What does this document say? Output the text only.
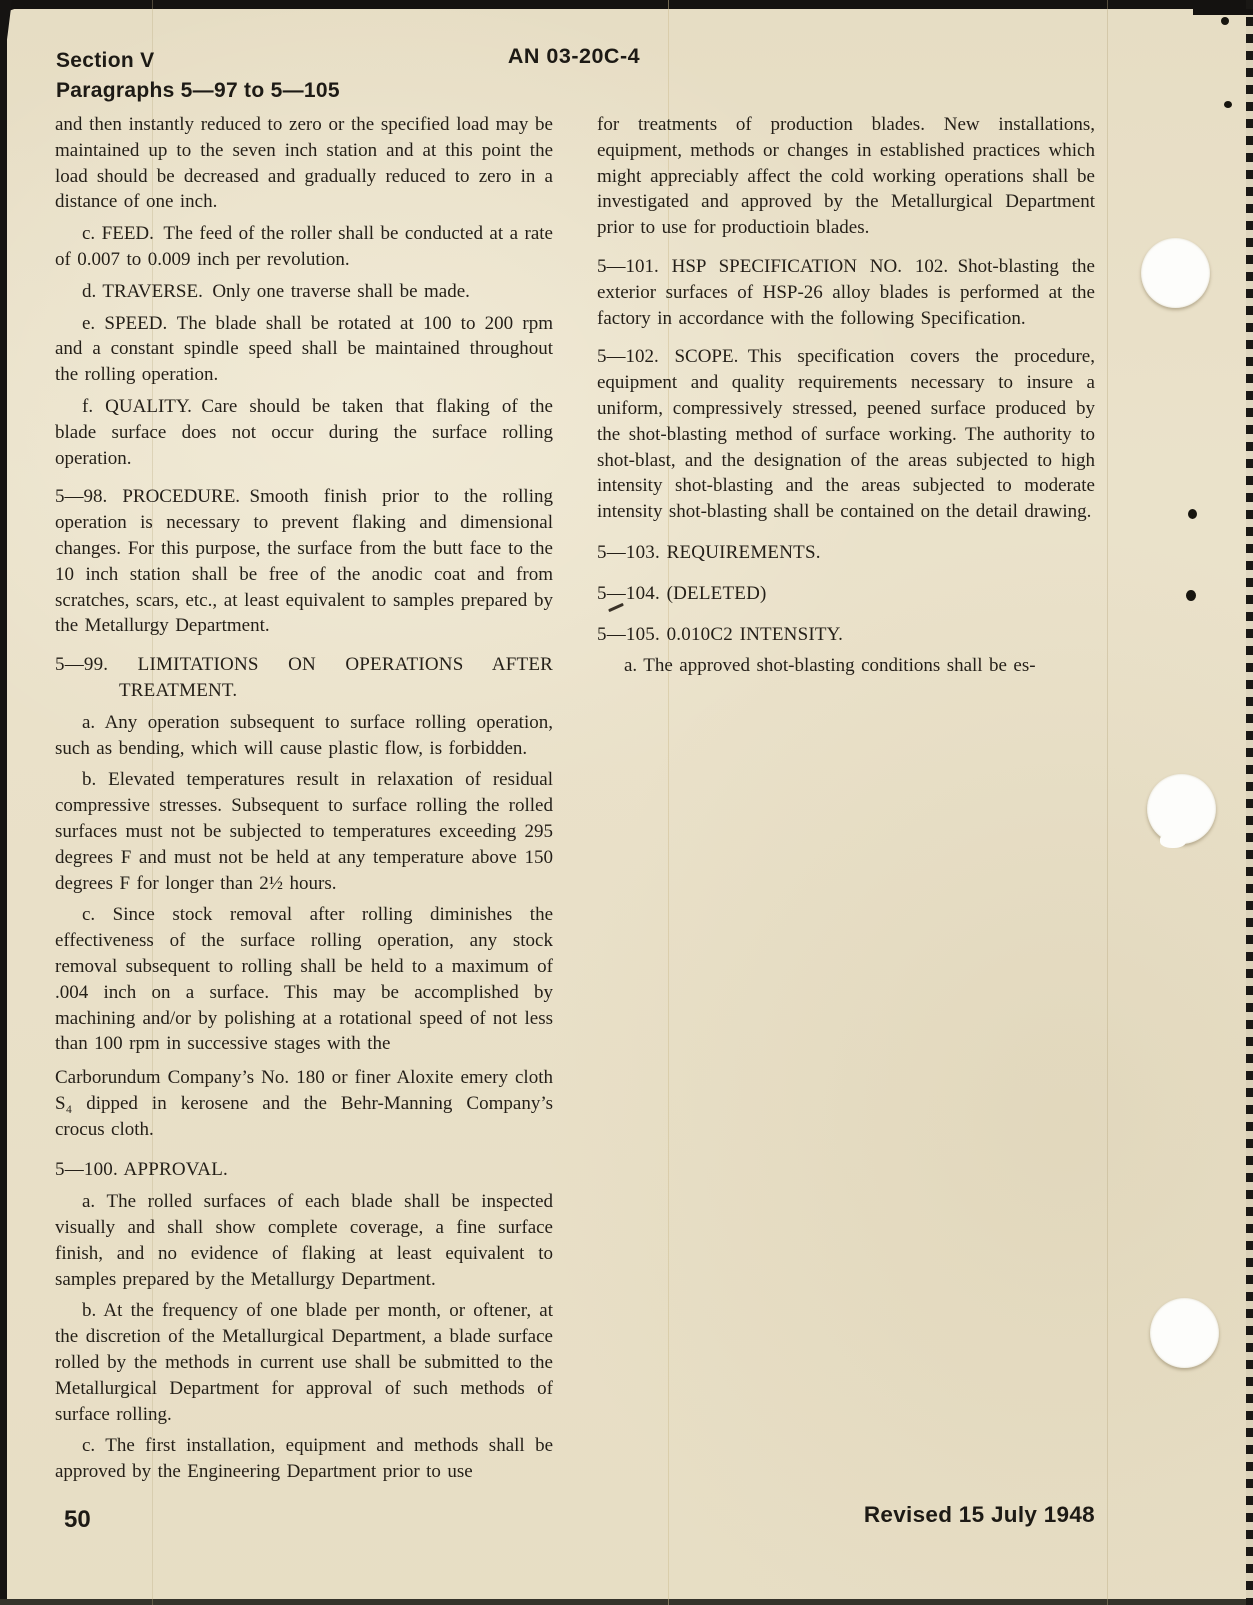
Section V
Paragraphs 5—97 to 5—105
AN 03-20C-4

and then instantly reduced to zero or the specified load may be maintained up to the seven inch station and at this point the load should be decreased and gradually reduced to zero in a distance of one inch.

c. FEED. The feed of the roller shall be conducted at a rate of 0.007 to 0.009 inch per revolution.

d. TRAVERSE. Only one traverse shall be made.

e. SPEED. The blade shall be rotated at 100 to 200 rpm and a constant spindle speed shall be maintained throughout the rolling operation.

f. QUALITY. Care should be taken that flaking of the blade surface does not occur during the surface rolling operation.

5—98. PROCEDURE. Smooth finish prior to the rolling operation is necessary to prevent flaking and dimensional changes. For this purpose, the surface from the butt face to the 10 inch station shall be free of the anodic coat and from scratches, scars, etc., at least equivalent to samples prepared by the Metallurgy Department.

5—99. LIMITATIONS ON OPERATIONS AFTER TREATMENT.

a. Any operation subsequent to surface rolling operation, such as bending, which will cause plastic flow, is forbidden.

b. Elevated temperatures result in relaxation of residual compressive stresses. Subsequent to surface rolling the rolled surfaces must not be subjected to temperatures exceeding 295 degrees F and must not be held at any temperature above 150 degrees F for longer than 2½ hours.

c. Since stock removal after rolling diminishes the effectiveness of the surface rolling operation, any stock removal subsequent to rolling shall be held to a maximum of .004 inch on a surface. This may be accomplished by machining and/or by polishing at a rotational speed of not less than 100 rpm in successive stages with the

Carborundum Company’s No. 180 or finer Aloxite emery cloth S₄ dipped in kerosene and the Behr-Manning Company’s crocus cloth.

5—100. APPROVAL.

a. The rolled surfaces of each blade shall be inspected visually and shall show complete coverage, a fine surface finish, and no evidence of flaking at least equivalent to samples prepared by the Metallurgy Department.

b. At the frequency of one blade per month, or oftener, at the discretion of the Metallurgical Department, a blade surface rolled by the methods in current use shall be submitted to the Metallurgical Department for approval of such methods of surface rolling.

c. The first installation, equipment and methods shall be approved by the Engineering Department prior to use

for treatments of production blades. New installations, equipment, methods or changes in established practices which might appreciably affect the cold working operations shall be investigated and approved by the Metallurgical Department prior to use for productioin blades.

5—101. HSP SPECIFICATION NO. 102. Shot-blasting the exterior surfaces of HSP-26 alloy blades is performed at the factory in accordance with the following Specification.

5—102. SCOPE. This specification covers the procedure, equipment and quality requirements necessary to insure a uniform, compressively stressed, peened surface produced by the shot-blasting method of surface working. The authority to shot-blast, and the designation of the areas subjected to high intensity shot-blasting and the areas subjected to moderate intensity shot-blasting shall be contained on the detail drawing.

5—103. REQUIREMENTS.

5—104. (DELETED)

5—105. 0.010C2 INTENSITY.

a. The approved shot-blasting conditions shall be es-

50	Revised 15 July 1948
